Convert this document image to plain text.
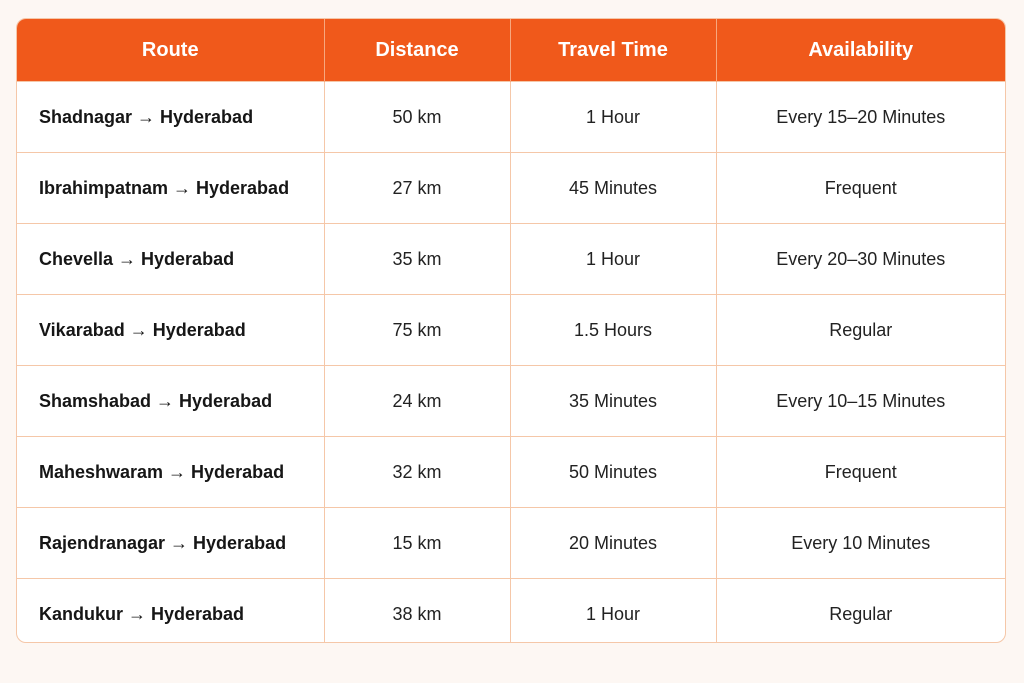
Route	Distance	Travel Time	Availability
Shadnagar → Hyderabad	50 km	1 Hour	Every 15–20 Minutes
Ibrahimpatnam → Hyderabad	27 km	45 Minutes	Frequent
Chevella → Hyderabad	35 km	1 Hour	Every 20–30 Minutes
Vikarabad → Hyderabad	75 km	1.5 Hours	Regular
Shamshabad → Hyderabad	24 km	35 Minutes	Every 10–15 Minutes
Maheshwaram → Hyderabad	32 km	50 Minutes	Frequent
Rajendranagar → Hyderabad	15 km	20 Minutes	Every 10 Minutes
Kandukur → Hyderabad	38 km	1 Hour	Regular
